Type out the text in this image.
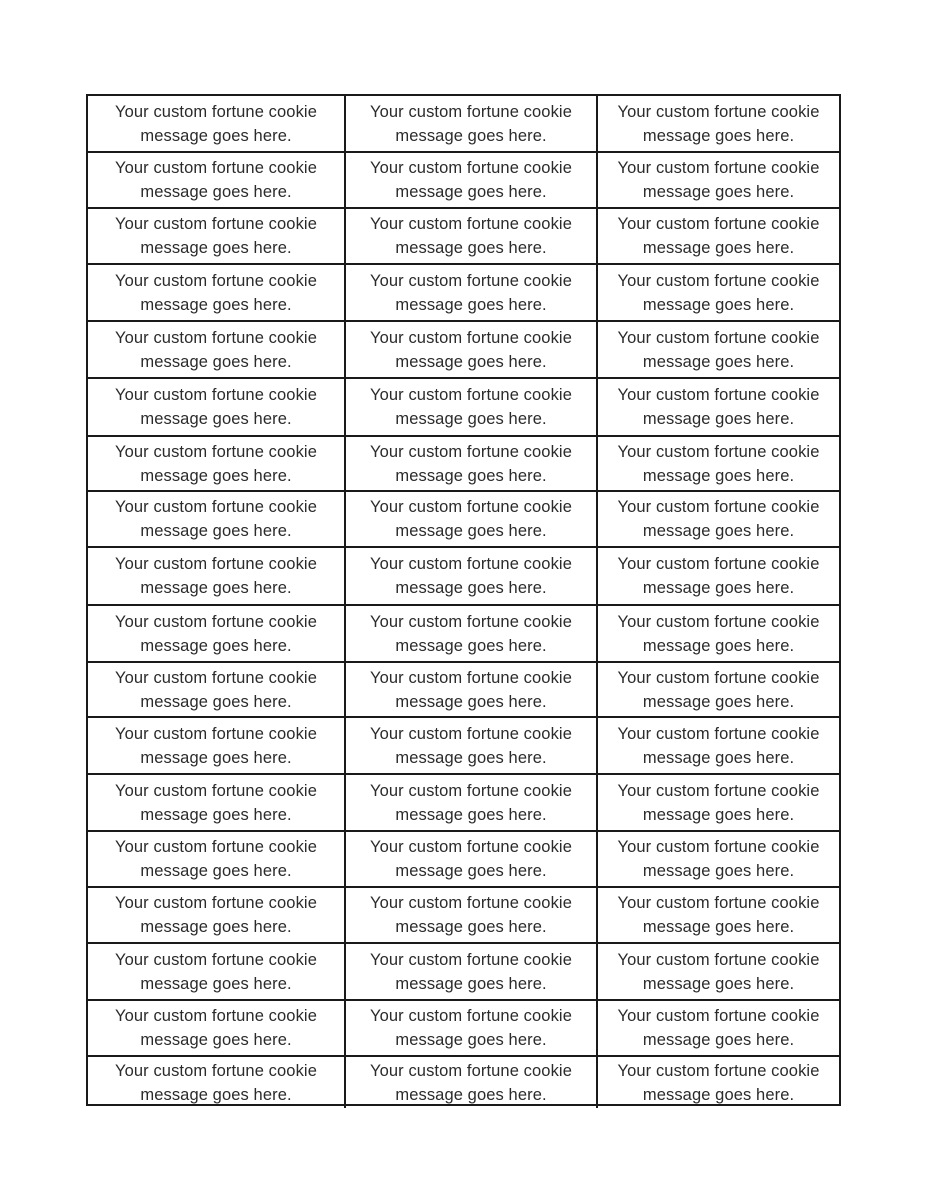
Your custom fortune cookie message goes here.
Your custom fortune cookie message goes here.
Your custom fortune cookie message goes here.
Your custom fortune cookie message goes here.
Your custom fortune cookie message goes here.
Your custom fortune cookie message goes here.
Your custom fortune cookie message goes here.
Your custom fortune cookie message goes here.
Your custom fortune cookie message goes here.
Your custom fortune cookie message goes here.
Your custom fortune cookie message goes here.
Your custom fortune cookie message goes here.
Your custom fortune cookie message goes here.
Your custom fortune cookie message goes here.
Your custom fortune cookie message goes here.
Your custom fortune cookie message goes here.
Your custom fortune cookie message goes here.
Your custom fortune cookie message goes here.
Your custom fortune cookie message goes here.
Your custom fortune cookie message goes here.
Your custom fortune cookie message goes here.
Your custom fortune cookie message goes here.
Your custom fortune cookie message goes here.
Your custom fortune cookie message goes here.
Your custom fortune cookie message goes here.
Your custom fortune cookie message goes here.
Your custom fortune cookie message goes here.
Your custom fortune cookie message goes here.
Your custom fortune cookie message goes here.
Your custom fortune cookie message goes here.
Your custom fortune cookie message goes here.
Your custom fortune cookie message goes here.
Your custom fortune cookie message goes here.
Your custom fortune cookie message goes here.
Your custom fortune cookie message goes here.
Your custom fortune cookie message goes here.
Your custom fortune cookie message goes here.
Your custom fortune cookie message goes here.
Your custom fortune cookie message goes here.
Your custom fortune cookie message goes here.
Your custom fortune cookie message goes here.
Your custom fortune cookie message goes here.
Your custom fortune cookie message goes here.
Your custom fortune cookie message goes here.
Your custom fortune cookie message goes here.
Your custom fortune cookie message goes here.
Your custom fortune cookie message goes here.
Your custom fortune cookie message goes here.
Your custom fortune cookie message goes here.
Your custom fortune cookie message goes here.
Your custom fortune cookie message goes here.
Your custom fortune cookie message goes here.
Your custom fortune cookie message goes here.
Your custom fortune cookie message goes here.
